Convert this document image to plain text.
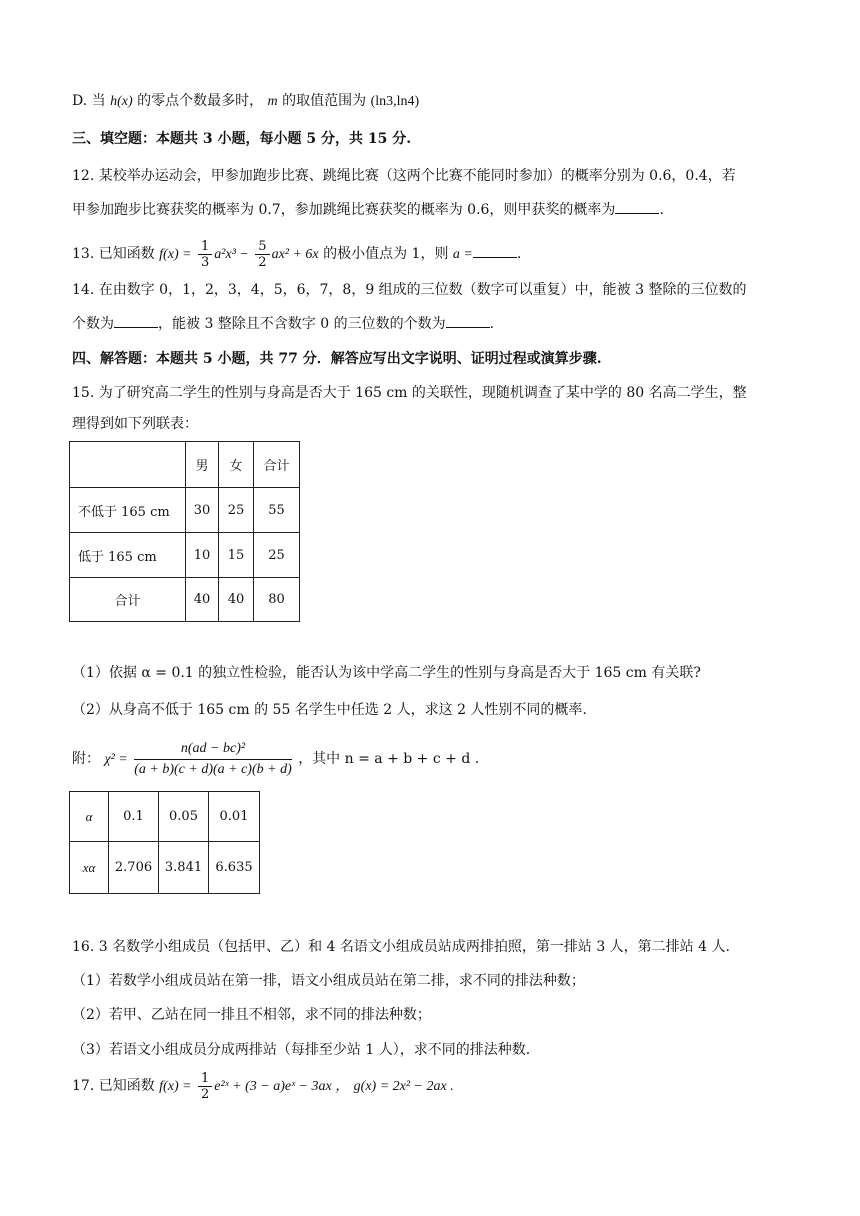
D. 当 h(x) 的零点个数最多时， m 的取值范围为 (ln3,ln4)
三、填空题：本题共 3 小题，每小题 5 分，共 15 分.
12. 某校举办运动会，甲参加跑步比赛、跳绳比赛（这两个比赛不能同时参加）的概率分别为 0.6，0.4，若
甲参加跑步比赛获奖的概率为 0.7，参加跳绳比赛获奖的概率为 0.6，则甲获奖的概率为	.
13. 已知函数 $f(x) = \frac{1}{3} a^2x^3 - \frac{5}{2} ax^2 + 6x$ 的极小值点为 1，则 a =	.
14. 在由数字 0，1，2，3，4，5，6，7，8，9 组成的三位数（数字可以重复）中，能被 3 整除的三位数的
个数为	，能被 3 整除且不含数字 0 的三位数的个数为	.
四、解答题：本题共 5 小题，共 77 分．解答应写出文字说明、证明过程或演算步骤.
15. 为了研究高二学生的性别与身高是否大于 165 cm 的关联性，现随机调查了某中学的 80 名高二学生，整
理得到如下列联表：
	男	女	合计
不低于 165 cm	30	25	55
低于 165 cm	10	15	25
合计	40	40	80
（1）依据 α = 0.1 的独立性检验，能否认为该中学高二学生的性别与身高是否大于 165 cm 有关联?
（2）从身高不低于 165 cm 的 55 名学生中任选 2 人，求这 2 人性别不同的概率.
附： $\chi^2 = \frac{\text{n(ad − bc)²}}{(a + b)(c + d)(a + c)(b + d)}$ ，其中 n = a + b + c + d .
α	0.1	0.05	0.01
xα	2.706	3.841	6.635
16. 3 名数学小组成员（包括甲、乙）和 4 名语文小组成员站成两排拍照，第一排站 3 人，第二排站 4 人.
（1）若数学小组成员站在第一排，语文小组成员站在第二排，求不同的排法种数；
（2）若甲、乙站在同一排且不相邻，求不同的排法种数；
（3）若语文小组成员分成两排站（每排至少站 1 人），求不同的排法种数.
17. 已知函数 $f(x) = \frac{1}{2}$ e²ˣ + (3 − a)eˣ − 3ax ， g(x) = 2x² − 2ax .
